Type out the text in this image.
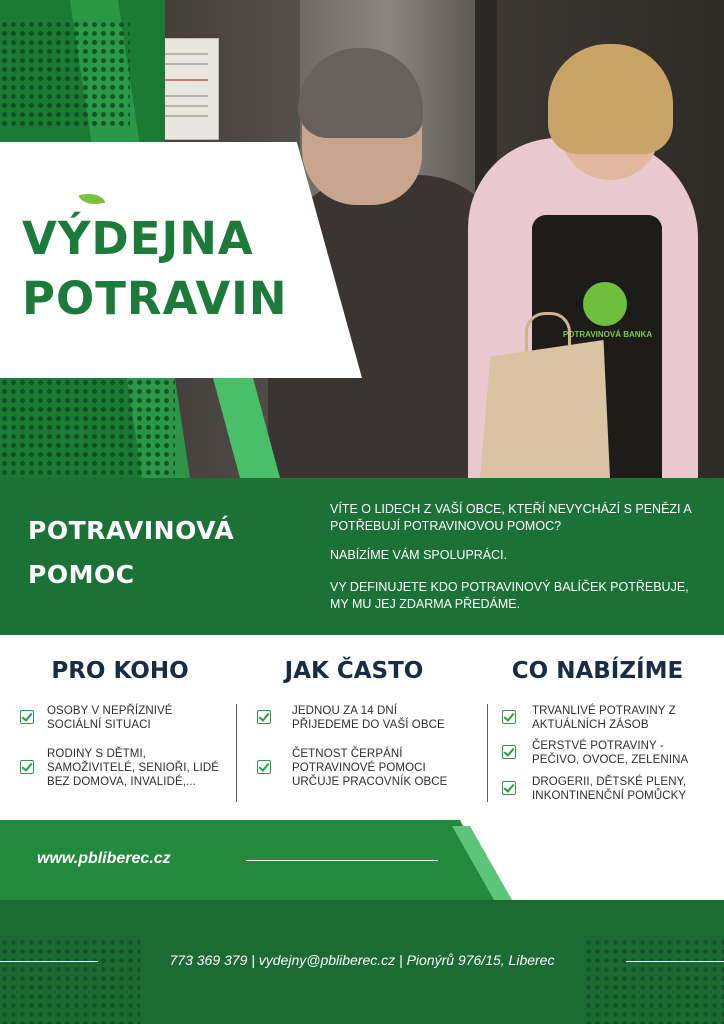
POTRAVINOVÁ BANKA
VÝDEJNA
POTRAVIN
POTRAVINOVÁ
POMOC
VÍTE O LIDECH Z VAŠÍ OBCE, KTEŘÍ NEVYCHÁZÍ S PENĚZI A POTŘEBUJÍ POTRAVINOVOU POMOC?
NABÍZÍME VÁM SPOLUPRÁCI.
VY DEFINUJETE KDO POTRAVINOVÝ BALÍČEK POTŘEBUJE, MY MU JEJ ZDARMA PŘEDÁME.
PRO KOHO	JAK ČASTO	CO NABÍZÍME
OSOBY V NEPŘÍZNIVÉ SOCIÁLNÍ SITUACI
RODINY S DĚTMI, SAMOŽIVITELÉ, SENIOŘI, LIDÉ BEZ DOMOVA, INVALIDÉ,...
JEDNOU ZA 14 DNÍ PŘIJEDEME DO VAŠÍ OBCE
ČETNOST ČERPÁNÍ POTRAVINOVÉ POMOCI URČUJE PRACOVNÍK OBCE
TRVANLIVÉ POTRAVINY Z AKTUÁLNÍCH ZÁSOB
ČERSTVÉ POTRAVINY - PEČIVO, OVOCE, ZELENINA
DROGERII, DĚTSKÉ PLENY, INKONTINENČNÍ POMŮCKY
www.pbliberec.cz
773 369 379 | vydejny@pbliberec.cz | Pionýrů 976/15, Liberec
